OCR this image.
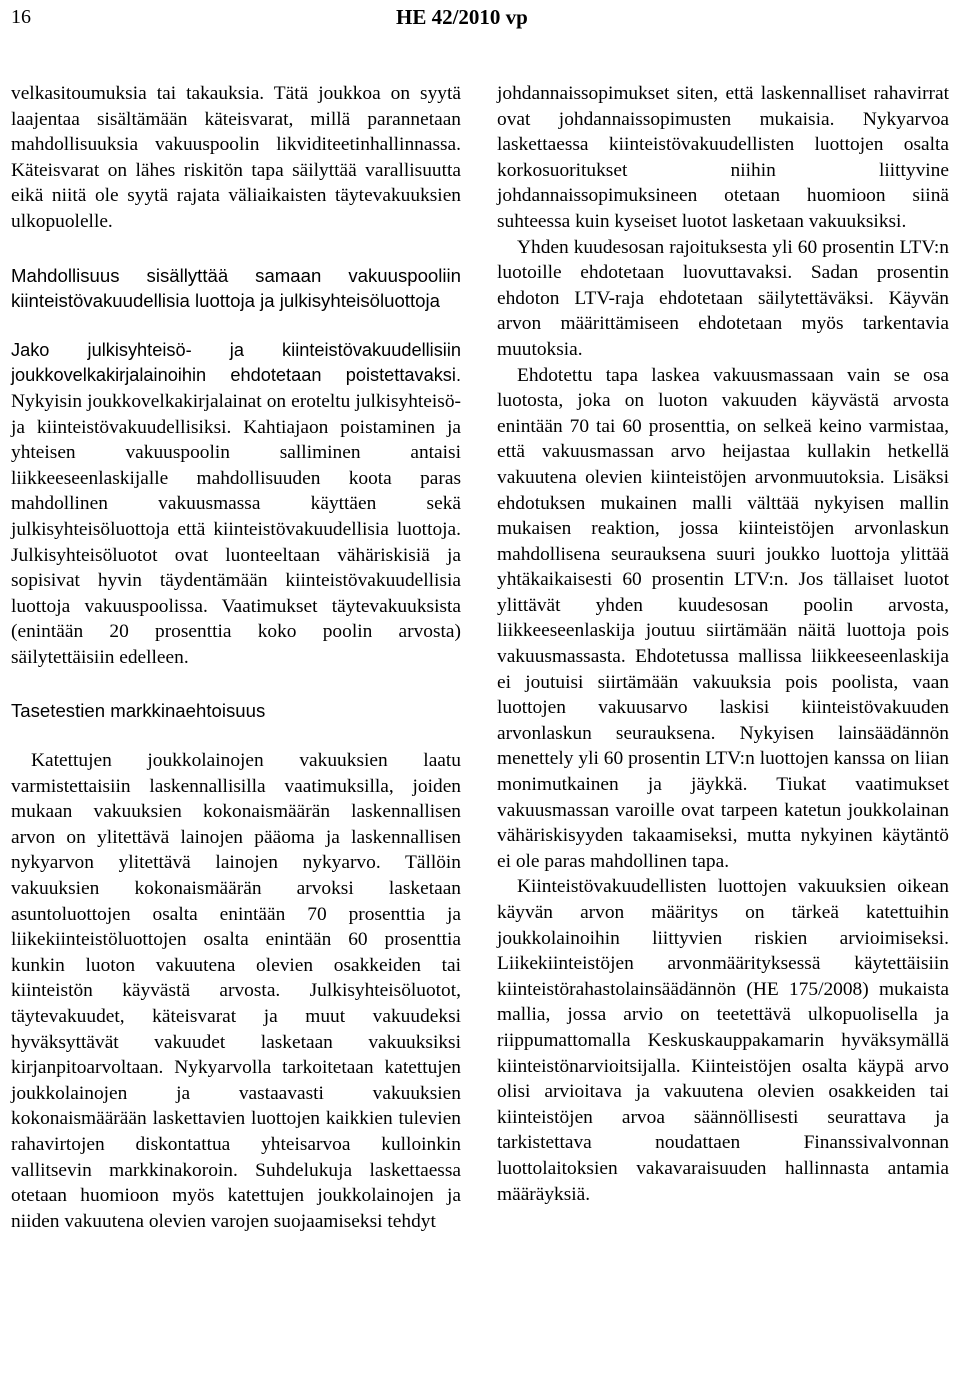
16	HE 42/2010 vp

velkasitoumuksia tai takauksia. Tätä joukkoa on syytä laajentaa sisältämään käteisvarat, millä parannetaan mahdollisuuksia vakuuspoolin likviditeetinhallinnassa. Käteisvarat on lähes riskitön tapa säilyttää varallisuutta eikä niitä ole syytä rajata väliaikaisten täytevakuuksien ulkopuolelle.

Mahdollisuus sisällyttää samaan vakuuspooliin kiinteistövakuudellisia luottoja ja julkisyhteisöluottoja

Jako julkisyhteisö- ja kiinteistövakuudellisiin joukkovelkakirjalainoihin ehdotetaan poistettavaksi. Nykyisin joukkovelkakirjalainat on eroteltu julkisyhteisö- ja kiinteistövakuudellisiksi. Kahtiajaon poistaminen ja yhteisen vakuuspoolin salliminen antaisi liikkeeseenlaskijalle mahdollisuuden koota paras mahdollinen vakuusmassa käyttäen sekä julkisyhteisöluottoja että kiinteistövakuudellisia luottoja. Julkisyhteisöluotot ovat luonteeltaan vähäriskisiä ja sopisivat hyvin täydentämään kiinteistövakuudellisia luottoja vakuuspoolissa. Vaatimukset täytevakuuksista (enintään 20 prosenttia koko poolin arvosta) säilytettäisiin edelleen.

Tasetestien markkinaehtoisuus

Katettujen joukkolainojen vakuuksien laatu varmistettaisiin laskennallisilla vaatimuksilla, joiden mukaan vakuuksien kokonaismäärän laskennallisen arvon on ylitettävä lainojen pääoma ja laskennallisen nykyarvon ylitettävä lainojen nykyarvo. Tällöin vakuuksien kokonaismäärän arvoksi lasketaan asuntoluottojen osalta enintään 70 prosenttia ja liikekiinteistöluottojen osalta enintään 60 prosenttia kunkin luoton vakuutena olevien osakkeiden tai kiinteistön käyvästä arvosta. Julkisyhteisöluotot, täytevakuudet, käteisvarat ja muut vakuudeksi hyväksyttävät vakuudet lasketaan vakuuksiksi kirjanpitoarvoltaan. Nykyarvolla tarkoitetaan katettujen joukkolainojen ja vastaavasti vakuuksien kokonaismäärään laskettavien luottojen kaikkien tulevien rahavirtojen diskontattua yhteisarvoa kulloinkin vallitsevin markkinakoroin. Suhdelukuja laskettaessa otetaan huomioon myös katettujen joukkolainojen ja niiden vakuutena olevien varojen suojaamiseksi tehdyt

johdannaissopimukset siten, että laskennalliset rahavirrat ovat johdannaissopimusten mukaisia. Nykyarvoa laskettaessa kiinteistövakuudellisten luottojen osalta korkosuoritukset niihin liittyvine johdannaissopimuksineen otetaan huomioon siinä suhteessa kuin kyseiset luotot lasketaan vakuuksiksi.

Yhden kuudesosan rajoituksesta yli 60 prosentin LTV:n luotoille ehdotetaan luovuttavaksi. Sadan prosentin ehdoton LTV-raja ehdotetaan säilytettäväksi. Käyvän arvon määrittämiseen ehdotetaan myös tarkentavia muutoksia.

Ehdotettu tapa laskea vakuusmassaan vain se osa luotosta, joka on luoton vakuuden käyvästä arvosta enintään 70 tai 60 prosenttia, on selkeä keino varmistaa, että vakuusmassan arvo heijastaa kullakin hetkellä vakuutena olevien kiinteistöjen arvonmuutoksia. Lisäksi ehdotuksen mukainen malli välttää nykyisen mallin mukaisen reaktion, jossa kiinteistöjen arvonlaskun mahdollisena seurauksena suuri joukko luottoja ylittää yhtäkaikaisesti 60 prosentin LTV:n. Jos tällaiset luotot ylittävät yhden kuudesosan poolin arvosta, liikkeeseenlaskija joutuu siirtämään näitä luottoja pois vakuusmassasta. Ehdotetussa mallissa liikkeeseenlaskija ei joutuisi siirtämään vakuuksia pois poolista, vaan luottojen vakuusarvo laskisi kiinteistövakuuden arvonlaskun seurauksena. Nykyisen lainsäädännön menettely yli 60 prosentin LTV:n luottojen kanssa on liian monimutkainen ja jäykkä. Tiukat vaatimukset vakuusmassan varoille ovat tarpeen katetun joukkolainan vähäriskisyyden takaamiseksi, mutta nykyinen käytäntö ei ole paras mahdollinen tapa.

Kiinteistövakuudellisten luottojen vakuuksien oikean käyvän arvon määritys on tärkeä katettuihin joukkolainoihin liittyvien riskien arvioimiseksi. Liikekiinteistöjen arvonmäärityksessä käytettäisiin kiinteistörahastolainsäädännön (HE 175/2008) mukaista mallia, jossa arvio on teetettävä ulkopuolisella ja riippumattomalla Keskuskauppakamarin hyväksymällä kiinteistönarvioitsijalla. Kiinteistöjen osalta käypä arvo olisi arvioitava ja vakuutena olevien osakkeiden tai kiinteistöjen arvoa säännöllisesti seurattava ja tarkistettava noudattaen Finanssivalvonnan luottolaitoksien vakavaraisuuden hallinnasta antamia määräyksiä.
